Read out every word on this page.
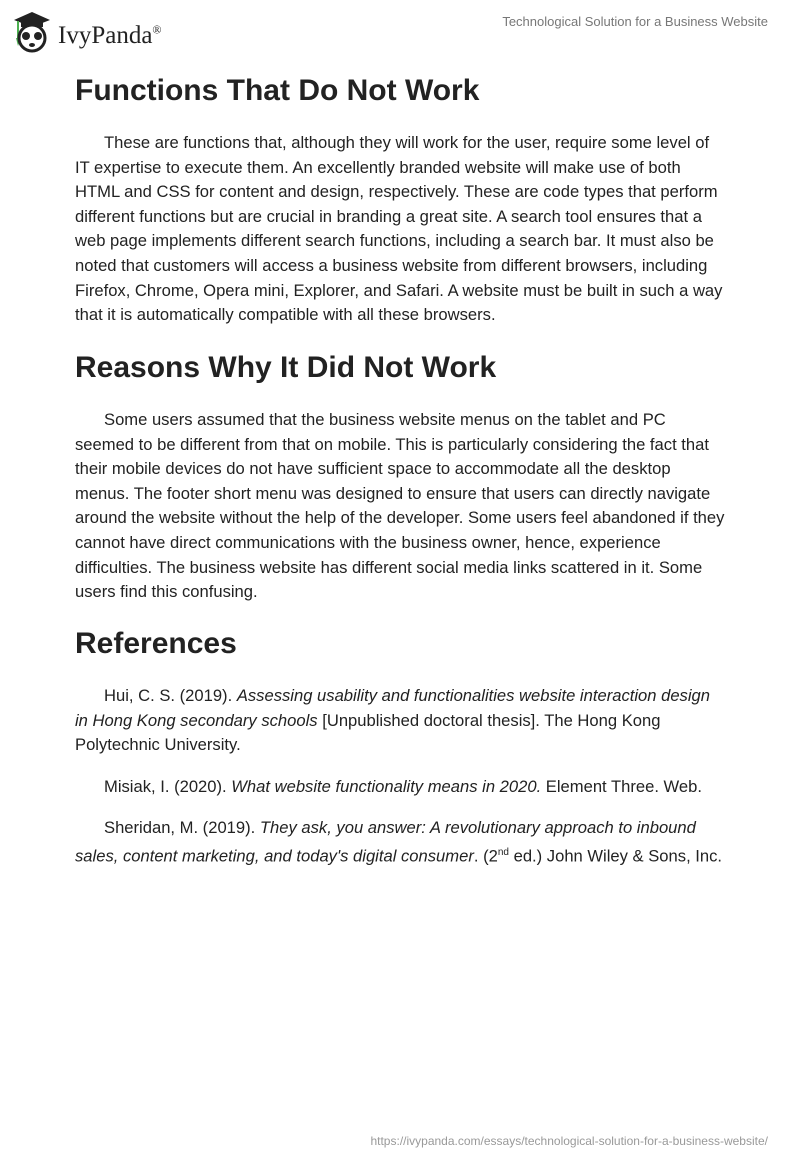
IvyPanda®
Technological Solution for a Business Website
Functions That Do Not Work

These are functions that, although they will work for the user, require some level of IT expertise to execute them. An excellently branded website will make use of both HTML and CSS for content and design, respectively. These are code types that perform different functions but are crucial in branding a great site. A search tool ensures that a web page implements different search functions, including a search bar. It must also be noted that customers will access a business website from different browsers, including Firefox, Chrome, Opera mini, Explorer, and Safari. A website must be built in such a way that it is automatically compatible with all these browsers.

Reasons Why It Did Not Work

Some users assumed that the business website menus on the tablet and PC seemed to be different from that on mobile. This is particularly considering the fact that their mobile devices do not have sufficient space to accommodate all the desktop menus. The footer short menu was designed to ensure that users can directly navigate around the website without the help of the developer. Some users feel abandoned if they cannot have direct communications with the business owner, hence, experience difficulties. The business website has different social media links scattered in it. Some users find this confusing.

References

Hui, C. S. (2019). Assessing usability and functionalities website interaction design in Hong Kong secondary schools [Unpublished doctoral thesis]. The Hong Kong Polytechnic University.

Misiak, I. (2020). What website functionality means in 2020. Element Three. Web.

Sheridan, M. (2019). They ask, you answer: A revolutionary approach to inbound sales, content marketing, and today's digital consumer. (2nd ed.) John Wiley & Sons, Inc.

https://ivypanda.com/essays/technological-solution-for-a-business-website/
